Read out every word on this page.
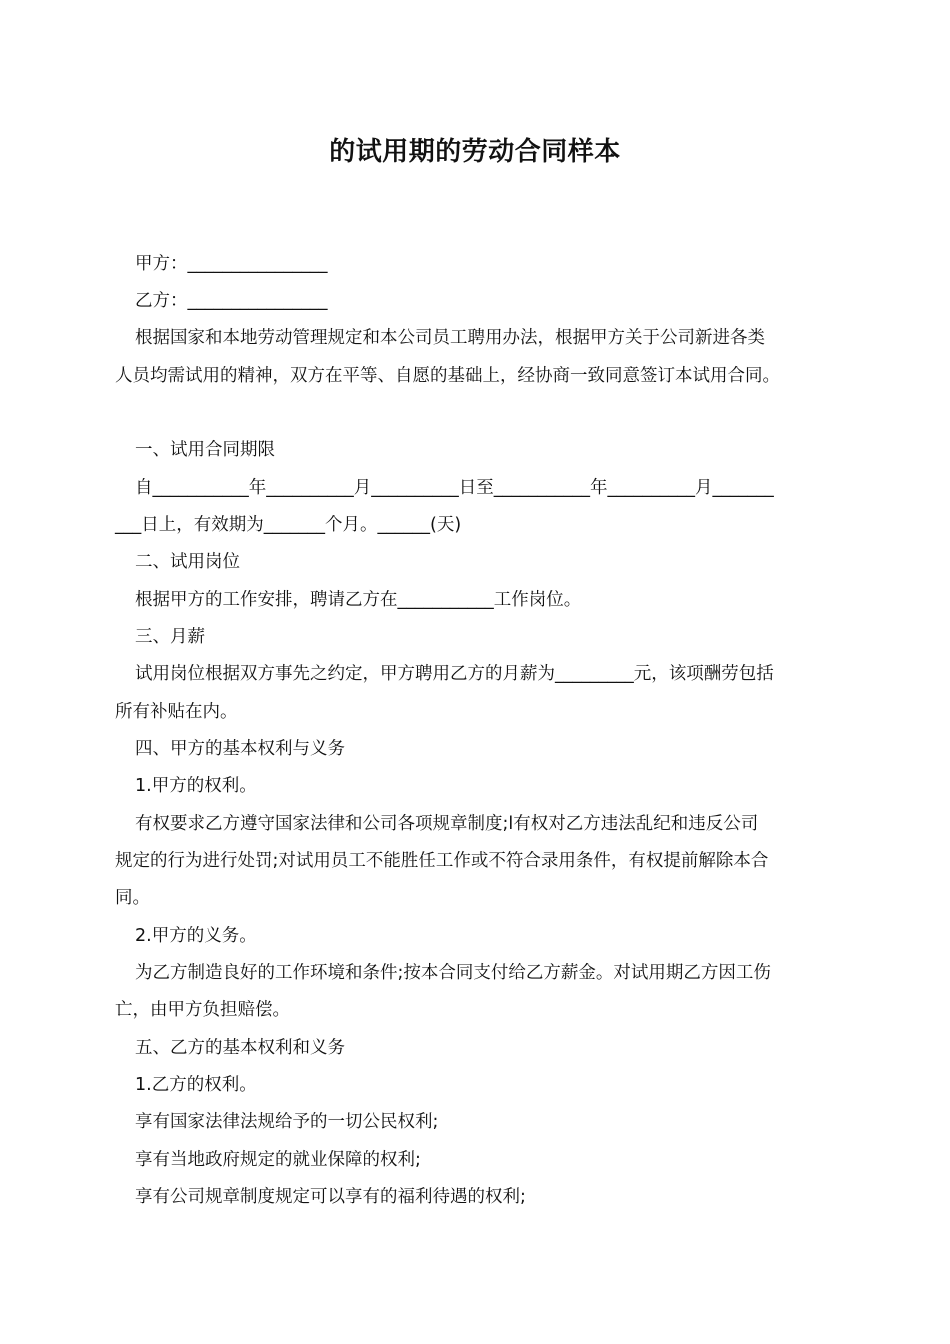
的试用期的劳动合同样本
甲方：________________
乙方：________________
根据国家和本地劳动管理规定和本公司员工聘用办法，根据甲方关于公司新进各类
人员均需试用的精神，双方在平等、自愿的基础上，经协商一致同意签订本试用合同。
一、试用合同期限
自___________年__________月__________日至___________年__________月_______
___日上，有效期为_______个月。______(天)
二、试用岗位
根据甲方的工作安排，聘请乙方在___________工作岗位。
三、月薪
试用岗位根据双方事先之约定，甲方聘用乙方的月薪为_________元，该项酬劳包括
所有补贴在内。
四、甲方的基本权利与义务
1.甲方的权利。
有权要求乙方遵守国家法律和公司各项规章制度;l有权对乙方违法乱纪和违反公司
规定的行为进行处罚;对试用员工不能胜任工作或不符合录用条件，有权提前解除本合
同。
2.甲方的义务。
为乙方制造良好的工作环境和条件;按本合同支付给乙方薪金。对试用期乙方因工伤
亡，由甲方负担赔偿。
五、乙方的基本权利和义务
1.乙方的权利。
享有国家法律法规给予的一切公民权利;
享有当地政府规定的就业保障的权利;
享有公司规章制度规定可以享有的福利待遇的权利;
